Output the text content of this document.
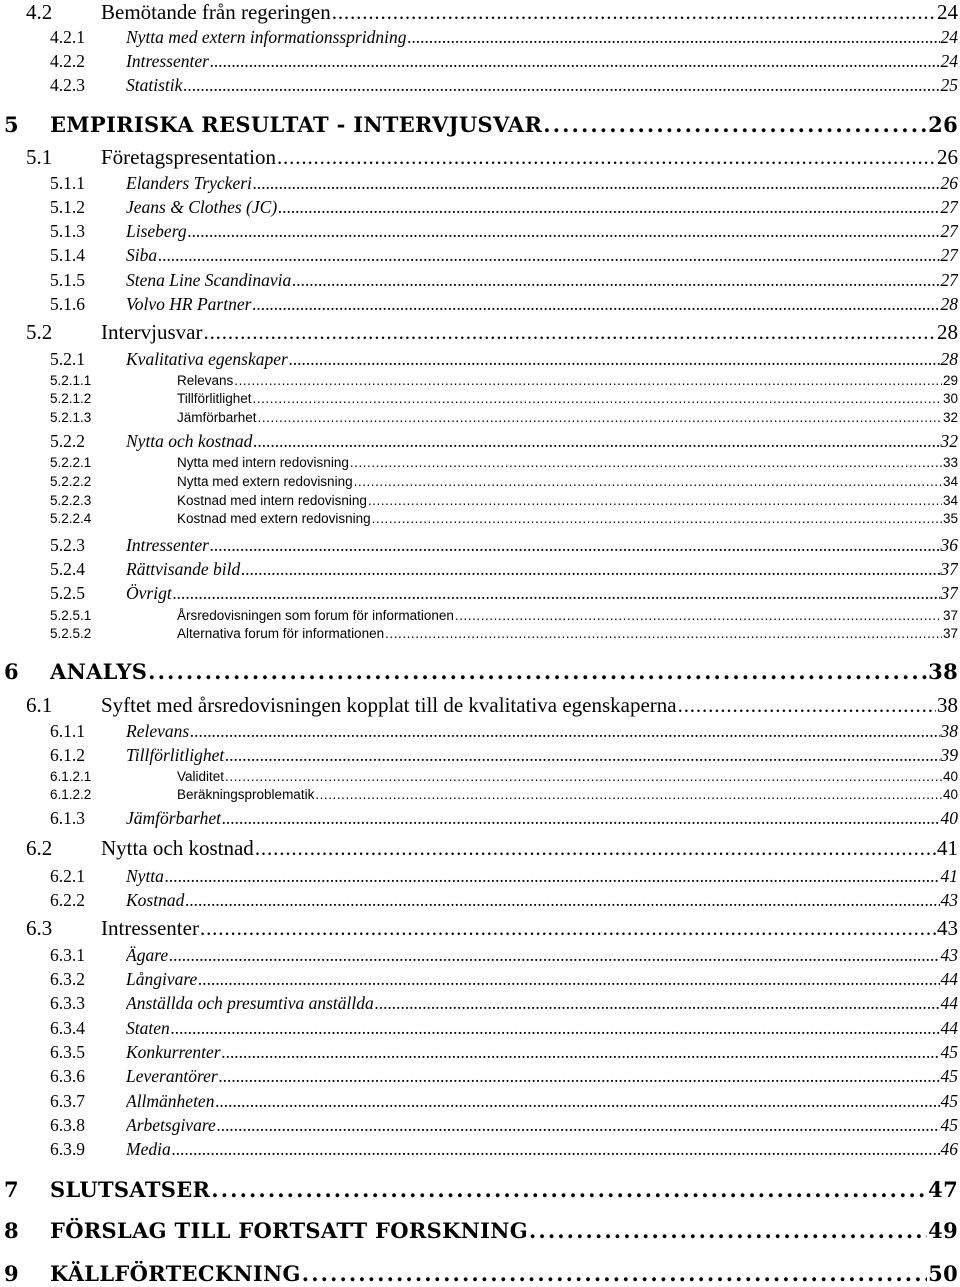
4.2 Bemötande från regeringen . . .	24
4.2.1 Nytta med extern informationsspridning . . .	24
4.2.2 Intressenter . . .	24
4.2.3 Statistik . . .	25
5 EMPIRISKA RESULTAT - INTERVJUSVAR . . .	26
5.1 Företagspresentation . . .	26
5.1.1 Elanders Tryckeri . . .	26
5.1.2 Jeans & Clothes (JC) . . .	27
5.1.3 Liseberg . . .	27
5.1.4 Siba . . .	27
5.1.5 Stena Line Scandinavia . . .	27
5.1.6 Volvo HR Partner . . .	28
5.2 Intervjusvar . . .	28
5.2.1 Kvalitativa egenskaper . . .	28
5.2.1.1	Relevans . . .	29
5.2.1.2	Tillförlitlighet . . .	30
5.2.1.3	Jämförbarhet . . .	32
5.2.2 Nytta och kostnad . . .	32
5.2.2.1	Nytta med intern redovisning . . .	33
5.2.2.2	Nytta med extern redovisning . . .	34
5.2.2.3	Kostnad med intern redovisning . . .	34
5.2.2.4	Kostnad med extern redovisning . . .	35
5.2.3 Intressenter . . .	36
5.2.4 Rättvisande bild . . .	37
5.2.5 Övrigt . . .	37
5.2.5.1	Årsredovisningen som forum för informationen . . .	37
5.2.5.2	Alternativa forum för informationen . . .	37
6 ANALYS . . .	38
6.1 Syftet med årsredovisningen kopplat till de kvalitativa egenskaperna . . .	38
6.1.1 Relevans . . .	38
6.1.2 Tillförlitlighet . . .	39
6.1.2.1	Validitet . . .	40
6.1.2.2	Beräkningsproblematik . . .	40
6.1.3 Jämförbarhet . . .	40
6.2 Nytta och kostnad . . .	41
6.2.1 Nytta . . .	41
6.2.2 Kostnad . . .	43
6.3 Intressenter . . .	43
6.3.1 Ägare . . .	43
6.3.2 Långivare . . .	44
6.3.3 Anställda och presumtiva anställda . . .	44
6.3.4 Staten . . .	44
6.3.5 Konkurrenter . . .	45
6.3.6 Leverantörer . . .	45
6.3.7 Allmänheten . . .	45
6.3.8 Arbetsgivare . . .	45
6.3.9 Media . . .	46
7 SLUTSATSER . . .	47
8 FÖRSLAG TILL FORTSATT FORSKNING . . .	49
9 KÄLLFÖRTECKNING . . .	50
